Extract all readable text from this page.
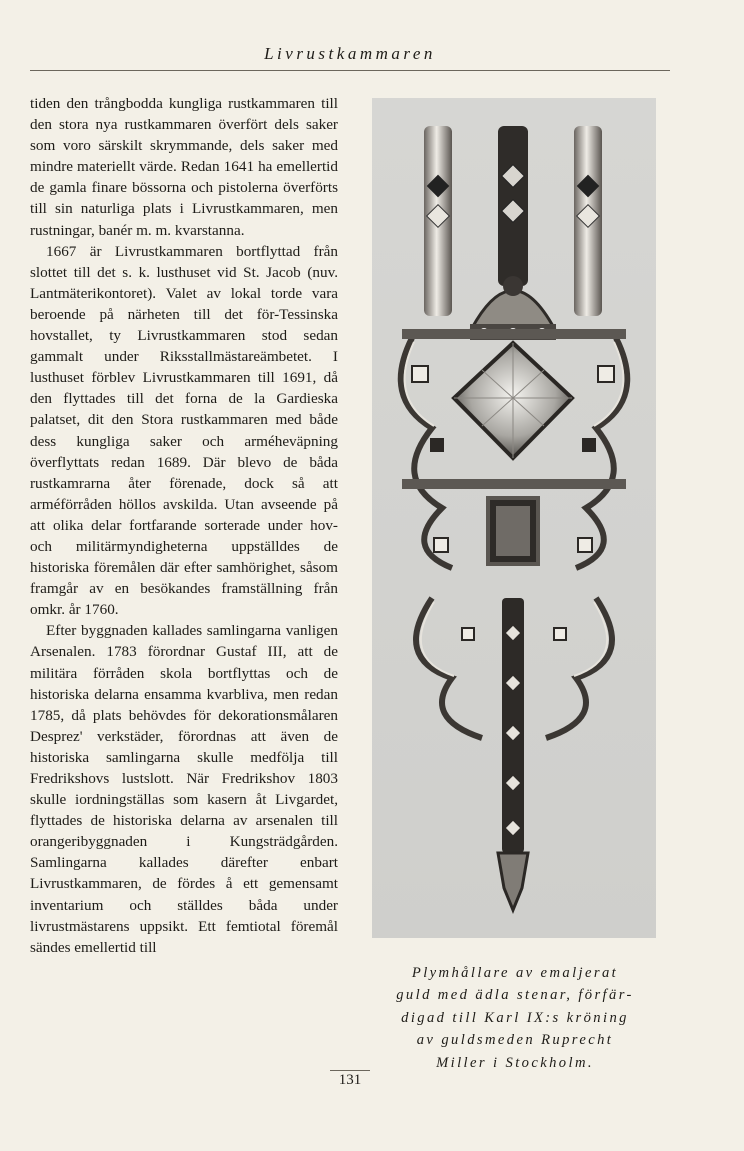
Livrustkammaren

tiden den trångbodda kungliga rustkammaren till den stora nya rustkammaren överfört dels saker som voro särskilt skrymmande, dels saker med mindre materiellt värde. Redan 1641 ha emellertid de gamla finare bössorna och pistolerna överförts till sin naturliga plats i Livrustkammaren, men rustningar, banér m. m. kvarstanna.

1667 är Livrustkammaren bortflyttad från slottet till det s. k. lusthuset vid St. Jacob (nuv. Lantmäterikontoret). Valet av lokal torde vara beroende på närheten till det för-Tessinska hovstallet, ty Livrustkammaren stod sedan gammalt under Riksstallmästareämbetet. I lusthuset förblev Livrustkammaren till 1691, då den flyttades till det forna de la Gardieska palatset, dit den Stora rustkammaren med både dess kungliga saker och arméheväpning överflyttats redan 1689. Där blevo de båda rustkamrarna åter förenade, dock så att arméförråden höllos avskilda. Utan avseende på att olika delar fortfarande sorterade under hov- och militärmyndigheterna uppställdes de historiska föremålen där efter samhörighet, såsom framgår av en besökandes framställning från omkr. år 1760.

Efter byggnaden kallades samlingarna vanligen Arsenalen. 1783 förordnar Gustaf III, att de militära förråden skola bortflyttas och de historiska delarna ensamma kvarbliva, men redan 1785, då plats behövdes för dekorationsmålaren Desprez' verkstäder, förordnas att även de historiska samlingarna skulle medfölja till Fredrikshovs lustslott. När Fredrikshov 1803 skulle iordningställas som kasern åt Livgardet, flyttades de historiska delarna av arsenalen till orangeribyggnaden i Kungsträdgården. Samlingarna kallades därefter enbart Livrustkammaren, de fördes å ett gemensamt inventarium och ställdes båda under livrustmästarens uppsikt. Ett femtiotal föremål sändes emellertid till

Plymhållare av emaljerat
guld med ädla stenar, förfär-
digad till Karl IX:s kröning
av guldsmeden Ruprecht
Miller i Stockholm.
131
